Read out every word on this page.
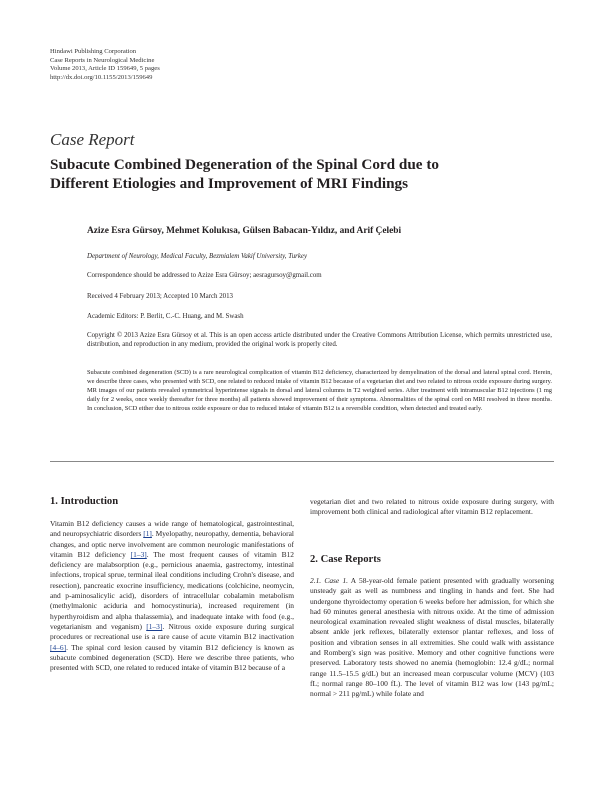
Hindawi Publishing Corporation
Case Reports in Neurological Medicine
Volume 2013, Article ID 159649, 5 pages
http://dx.doi.org/10.1155/2013/159649
Case Report
Subacute Combined Degeneration of the Spinal Cord due to
Different Etiologies and Improvement of MRI Findings
Azize Esra Gürsoy, Mehmet Kolukısa, Gülsen Babacan-Yıldız, and Arif Çelebi
Department of Neurology, Medical Faculty, Bezmialem Vakif University, Turkey
Correspondence should be addressed to Azize Esra Gürsoy; aesragursoy@gmail.com
Received 4 February 2013; Accepted 10 March 2013
Academic Editors: P. Berlit, C.-C. Huang, and M. Swash
Copyright © 2013 Azize Esra Gürsoy et al. This is an open access article distributed under the Creative Commons Attribution License, which permits unrestricted use, distribution, and reproduction in any medium, provided the original work is properly cited.
Subacute combined degeneration (SCD) is a rare neurological complication of vitamin B12 deficiency, characterized by demyelination of the dorsal and lateral spinal cord. Herein, we describe three cases, who presented with SCD, one related to reduced intake of vitamin B12 because of a vegetarian diet and two related to nitrous oxide exposure during surgery. MR images of our patients revealed symmetrical hyperintense signals in dorsal and lateral columns in T2 weighted series. After treatment with intramuscular B12 injections (1 mg daily for 2 weeks, once weekly thereafter for three months) all patients showed improvement of their symptoms. Abnormalities of the spinal cord on MRI resolved in three months. In conclusion, SCD either due to nitrous oxide exposure or due to reduced intake of vitamin B12 is a reversible condition, when detected and treated early.
1. Introduction

Vitamin B12 deficiency causes a wide range of hematological, gastrointestinal, and neuropsychiatric disorders [1]. Myelopathy, neuropathy, dementia, behavioral changes, and optic nerve involvement are common neurologic manifestations of vitamin B12 deficiency [1–3]. The most frequent causes of vitamin B12 deficiency are malabsorption (e.g., pernicious anaemia, gastrectomy, intestinal infections, tropical sprue, terminal ileal conditions including Crohn's disease, and resection), pancreatic exocrine insufficiency, medications (colchicine, neomycin, and p-aminosalicylic acid), disorders of intracellular cobalamin metabolism (methylmalonic aciduria and homocystinuria), increased requirement (in hyperthyroidism and alpha thalassemia), and inadequate intake with food (e.g., vegetarianism and veganism) [1–3]. Nitrous oxide exposure during surgical procedures or recreational use is a rare cause of acute vitamin B12 inactivation [4–6]. The spinal cord lesion caused by vitamin B12 deficiency is known as subacute combined degeneration (SCD). Here we describe three patients, who presented with SCD, one related to reduced intake of vitamin B12 because of a

vegetarian diet and two related to nitrous oxide exposure during surgery, with improvement both clinical and radiological after vitamin B12 replacement.

2. Case Reports

2.1. Case 1. A 58-year-old female patient presented with gradually worsening unsteady gait as well as numbness and tingling in hands and feet. She had undergone thyroidectomy operation 6 weeks before her admission, for which she had 60 minutes general anesthesia with nitrous oxide. At the time of admission neurological examination revealed slight weakness of distal muscles, bilaterally absent ankle jerk reflexes, bilaterally extensor plantar reflexes, and loss of position and vibration senses in all extremities. She could walk with assistance and Romberg's sign was positive. Memory and other cognitive functions were preserved. Laboratory tests showed no anemia (hemoglobin: 12.4 g/dL; normal range 11.5–15.5 g/dL) but an increased mean corpuscular volume (MCV) (103 fL; normal range 80–100 fL). The level of vitamin B12 was low (143 pg/mL; normal > 211 pg/mL) while folate and
